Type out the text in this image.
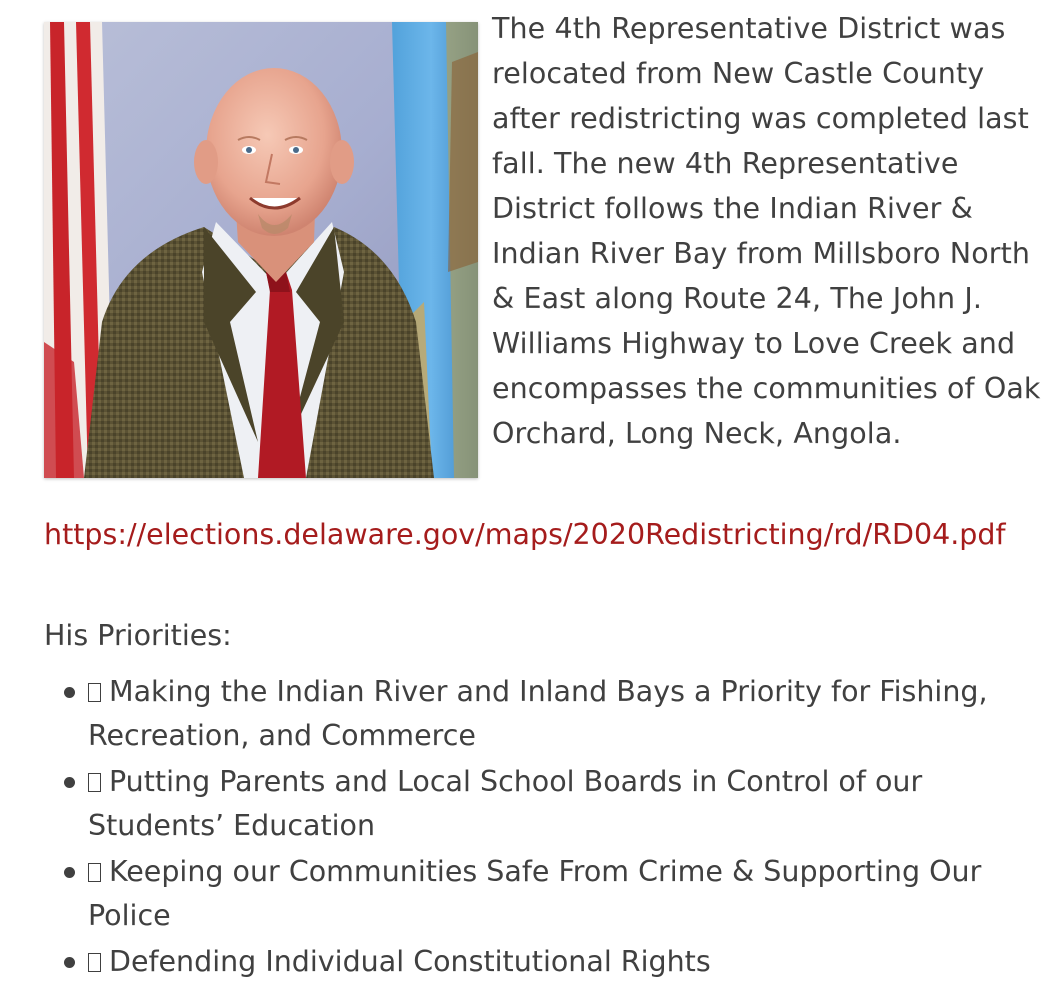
The 4th Representative District was relocated from New Castle County after redistricting was completed last fall. The new 4th Representative District follows the Indian River & Indian River Bay from Millsboro North & East along Route 24, The John J. Williams Highway to Love Creek and encompasses the communities of Oak Orchard, Long Neck, Angola.

https://elections.delaware.gov/maps/2020Redistricting/rd/RD04.pdf
His Priorities:
Making the Indian River and Inland Bays a Priority for Fishing, Recreation, and Commerce
Putting Parents and Local School Boards in Control of our Students’ Education
Keeping our Communities Safe From Crime & Supporting Our Police
Defending Individual Constitutional Rights
